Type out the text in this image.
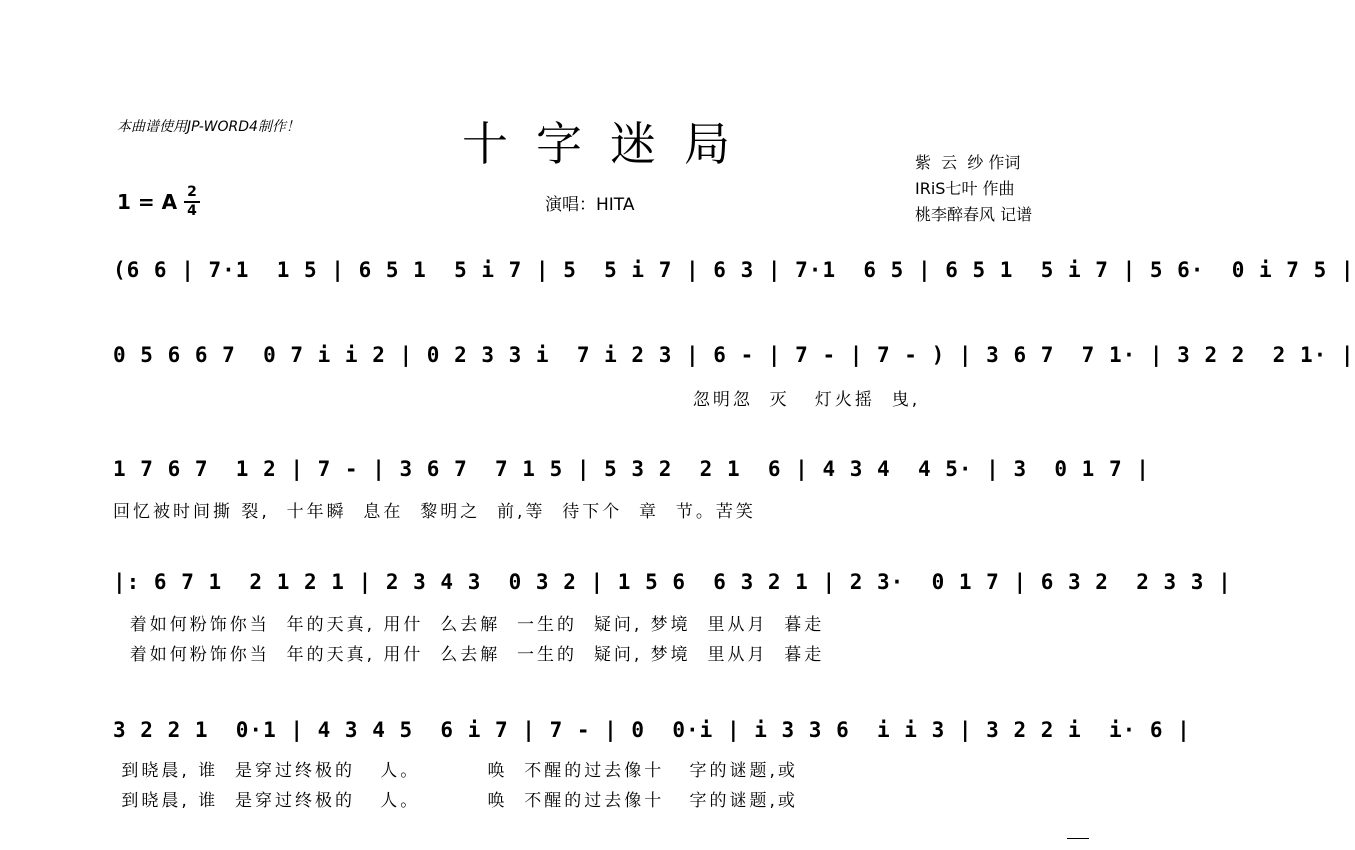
本曲谱使用JP-WORD4制作！	十字迷局
演唱：HITA
1 = A 2
4
紫  云  纱 作词
IRiS七叶 作曲
桃李醉春风 记谱
(6 6 | 7·1  1 5 | 6 5 1  5 i 7 | 5  5 i 7 | 6 3 | 7·1  6 5 | 6 5 1  5 i 7 | 5 6·  0 i 7 5 |
0 5 6 6 7  0 7 i i 2 | 0 2 3 3 i  7 i 2 3 | 6 - | 7 - | 7 - ) | 3 6 7  7 1· | 3 2 2  2 1· |
忽明忽  灭   灯火摇  曳,
1 7 6 7  1 2 | 7 - | 3 6 7  7 1 5 | 5 3 2  2 1  6 | 4 3 4  4 5· | 3  0 1 7 |
回忆被时间撕 裂,  十年瞬  息在  黎明之  前,等  待下个  章  节。苦笑
|: 6 7 1  2 1 2 1 | 2 3 4 3  0 3 2 | 1 5 6  6 3 2 1 | 2 3·  0 1 7 | 6 3 2  2 3 3 |
着如何粉饰你当  年的天真, 用什  么去解  一生的  疑问, 梦境  里从月  暮走
着如何粉饰你当  年的天真, 用什  么去解  一生的  疑问, 梦境  里从月  暮走
3 2 2 1  0·1 | 4 3 4 5  6 i 7 | 7 - | 0  0·i | i 3 3 6  i i 3 | 3 2 2 i  i· 6 |
到晓晨, 谁  是穿过终极的   人。        唤  不醒的过去像十   字的谜题,或
到晓晨, 谁  是穿过终极的   人。        唤  不醒的过去像十   字的谜题,或
